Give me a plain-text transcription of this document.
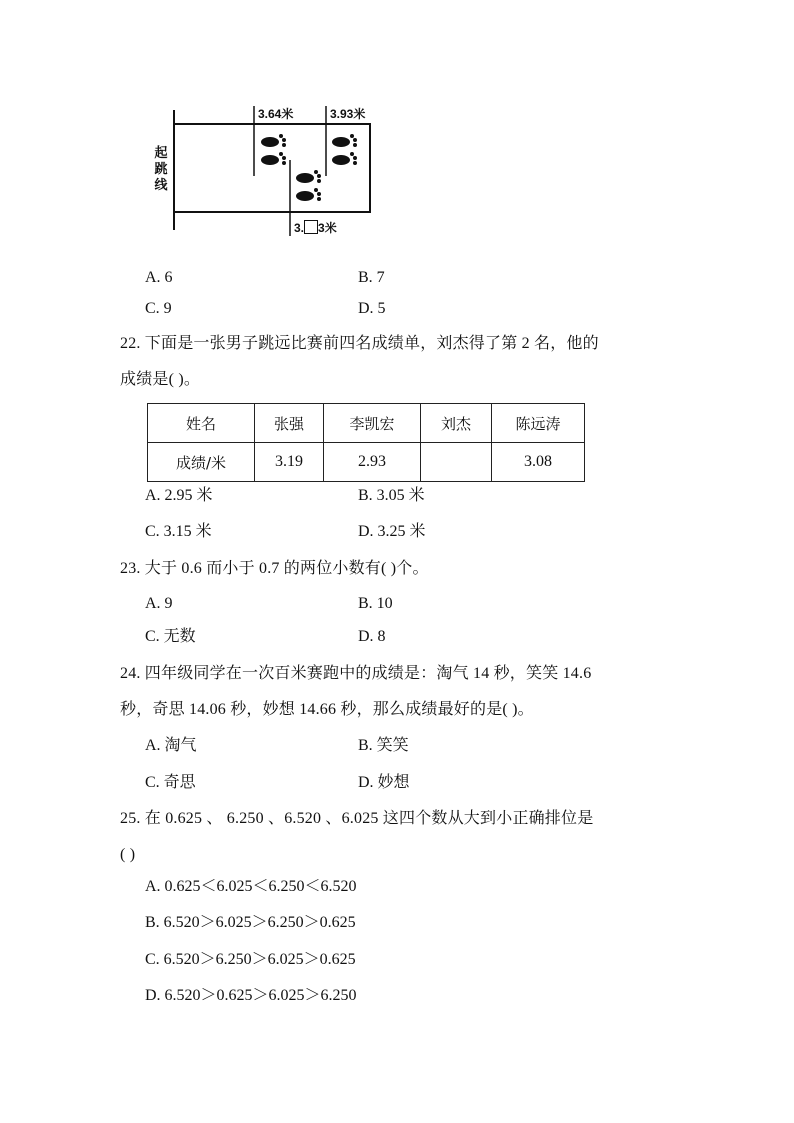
3.64米	3.93米
3. 3米
起
跳
线
A. 6	B. 7
C. 9	D. 5
22. 下面是一张男子跳远比赛前四名成绩单，刘杰得了第 2 名，他的
成绩是( )。
姓名	张强	李凯宏	刘杰	陈远涛
成绩/米	3.19	2.93		3.08
A. 2.95 米	B. 3.05 米
C. 3.15 米	D. 3.25 米
23. 大于 0.6 而小于 0.7 的两位小数有( )个。
A. 9	B. 10
C. 无数	D. 8
24. 四年级同学在一次百米赛跑中的成绩是：淘气 14 秒，笑笑 14.6
秒，奇思 14.06 秒，妙想 14.66 秒，那么成绩最好的是( )。
A. 淘气	B. 笑笑
C. 奇思	D. 妙想
25. 在 0.625 、 6.250 、6.520 、6.025 这四个数从大到小正确排位是
( )
A. 0.625＜6.025＜6.250＜6.520
B. 6.520＞6.025＞6.250＞0.625
C. 6.520＞6.250＞6.025＞0.625
D. 6.520＞0.625＞6.025＞6.250
